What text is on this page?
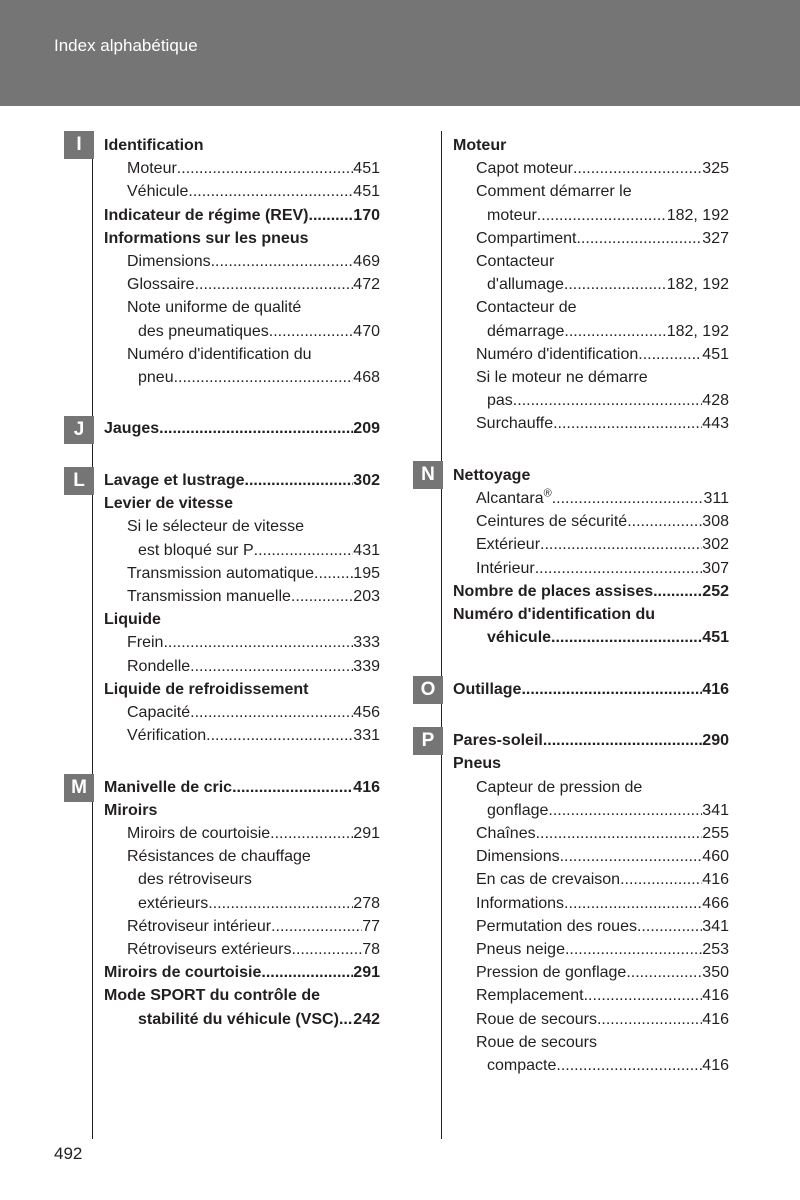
Index alphabétique
I
J
L
M
N
O
P
Identification
Moteur .....	451
Véhicule .....	451
Indicateur de régime (REV) .....	170
Informations sur les pneus
Dimensions .....	469
Glossaire .....	472
Note uniforme de qualité
des pneumatiques .....	470
Numéro d'identification du
pneu .....	468
Jauges .....	209
Lavage et lustrage .....	302
Levier de vitesse
Si le sélecteur de vitesse
est bloqué sur P .....	431
Transmission automatique ..... 195
Transmission manuelle .....	203
Liquide
Frein .....	333
Rondelle .....	339
Liquide de refroidissement
Capacité .....	456
Vérification .....	331
Manivelle de cric .....	416
Miroirs
Miroirs de courtoisie .....	291
Résistances de chauffage
des rétroviseurs
extérieurs .....	278
Rétroviseur intérieur .....	77
Rétroviseurs extérieurs .....	78
Miroirs de courtoisie .....	291
Mode SPORT du contrôle de
stabilité du véhicule (VSC) ..... 242
Moteur
Capot moteur .....	325
Comment démarrer le
moteur .....	182, 192
Compartiment .....	327
Contacteur
d'allumage .....	182, 192
Contacteur de
démarrage .....	182, 192
Numéro d'identification .....	451
Si le moteur ne démarre
pas .....	428
Surchauffe .....	443
Nettoyage
Alcantara® .....	311
Ceintures de sécurité .....	308
Extérieur .....	302
Intérieur .....	307
Nombre de places assises .....	252
Numéro d'identification du
véhicule .....	451
Outillage .....	416
Pares-soleil .....	290
Pneus
Capteur de pression de
gonflage .....	341
Chaînes .....	255
Dimensions .....	460
En cas de crevaison .....	416
Informations .....	466
Permutation des roues .....	341
Pneus neige .....	253
Pression de gonflage .....	350
Remplacement .....	416
Roue de secours .....	416
Roue de secours
compacte .....	416
492
